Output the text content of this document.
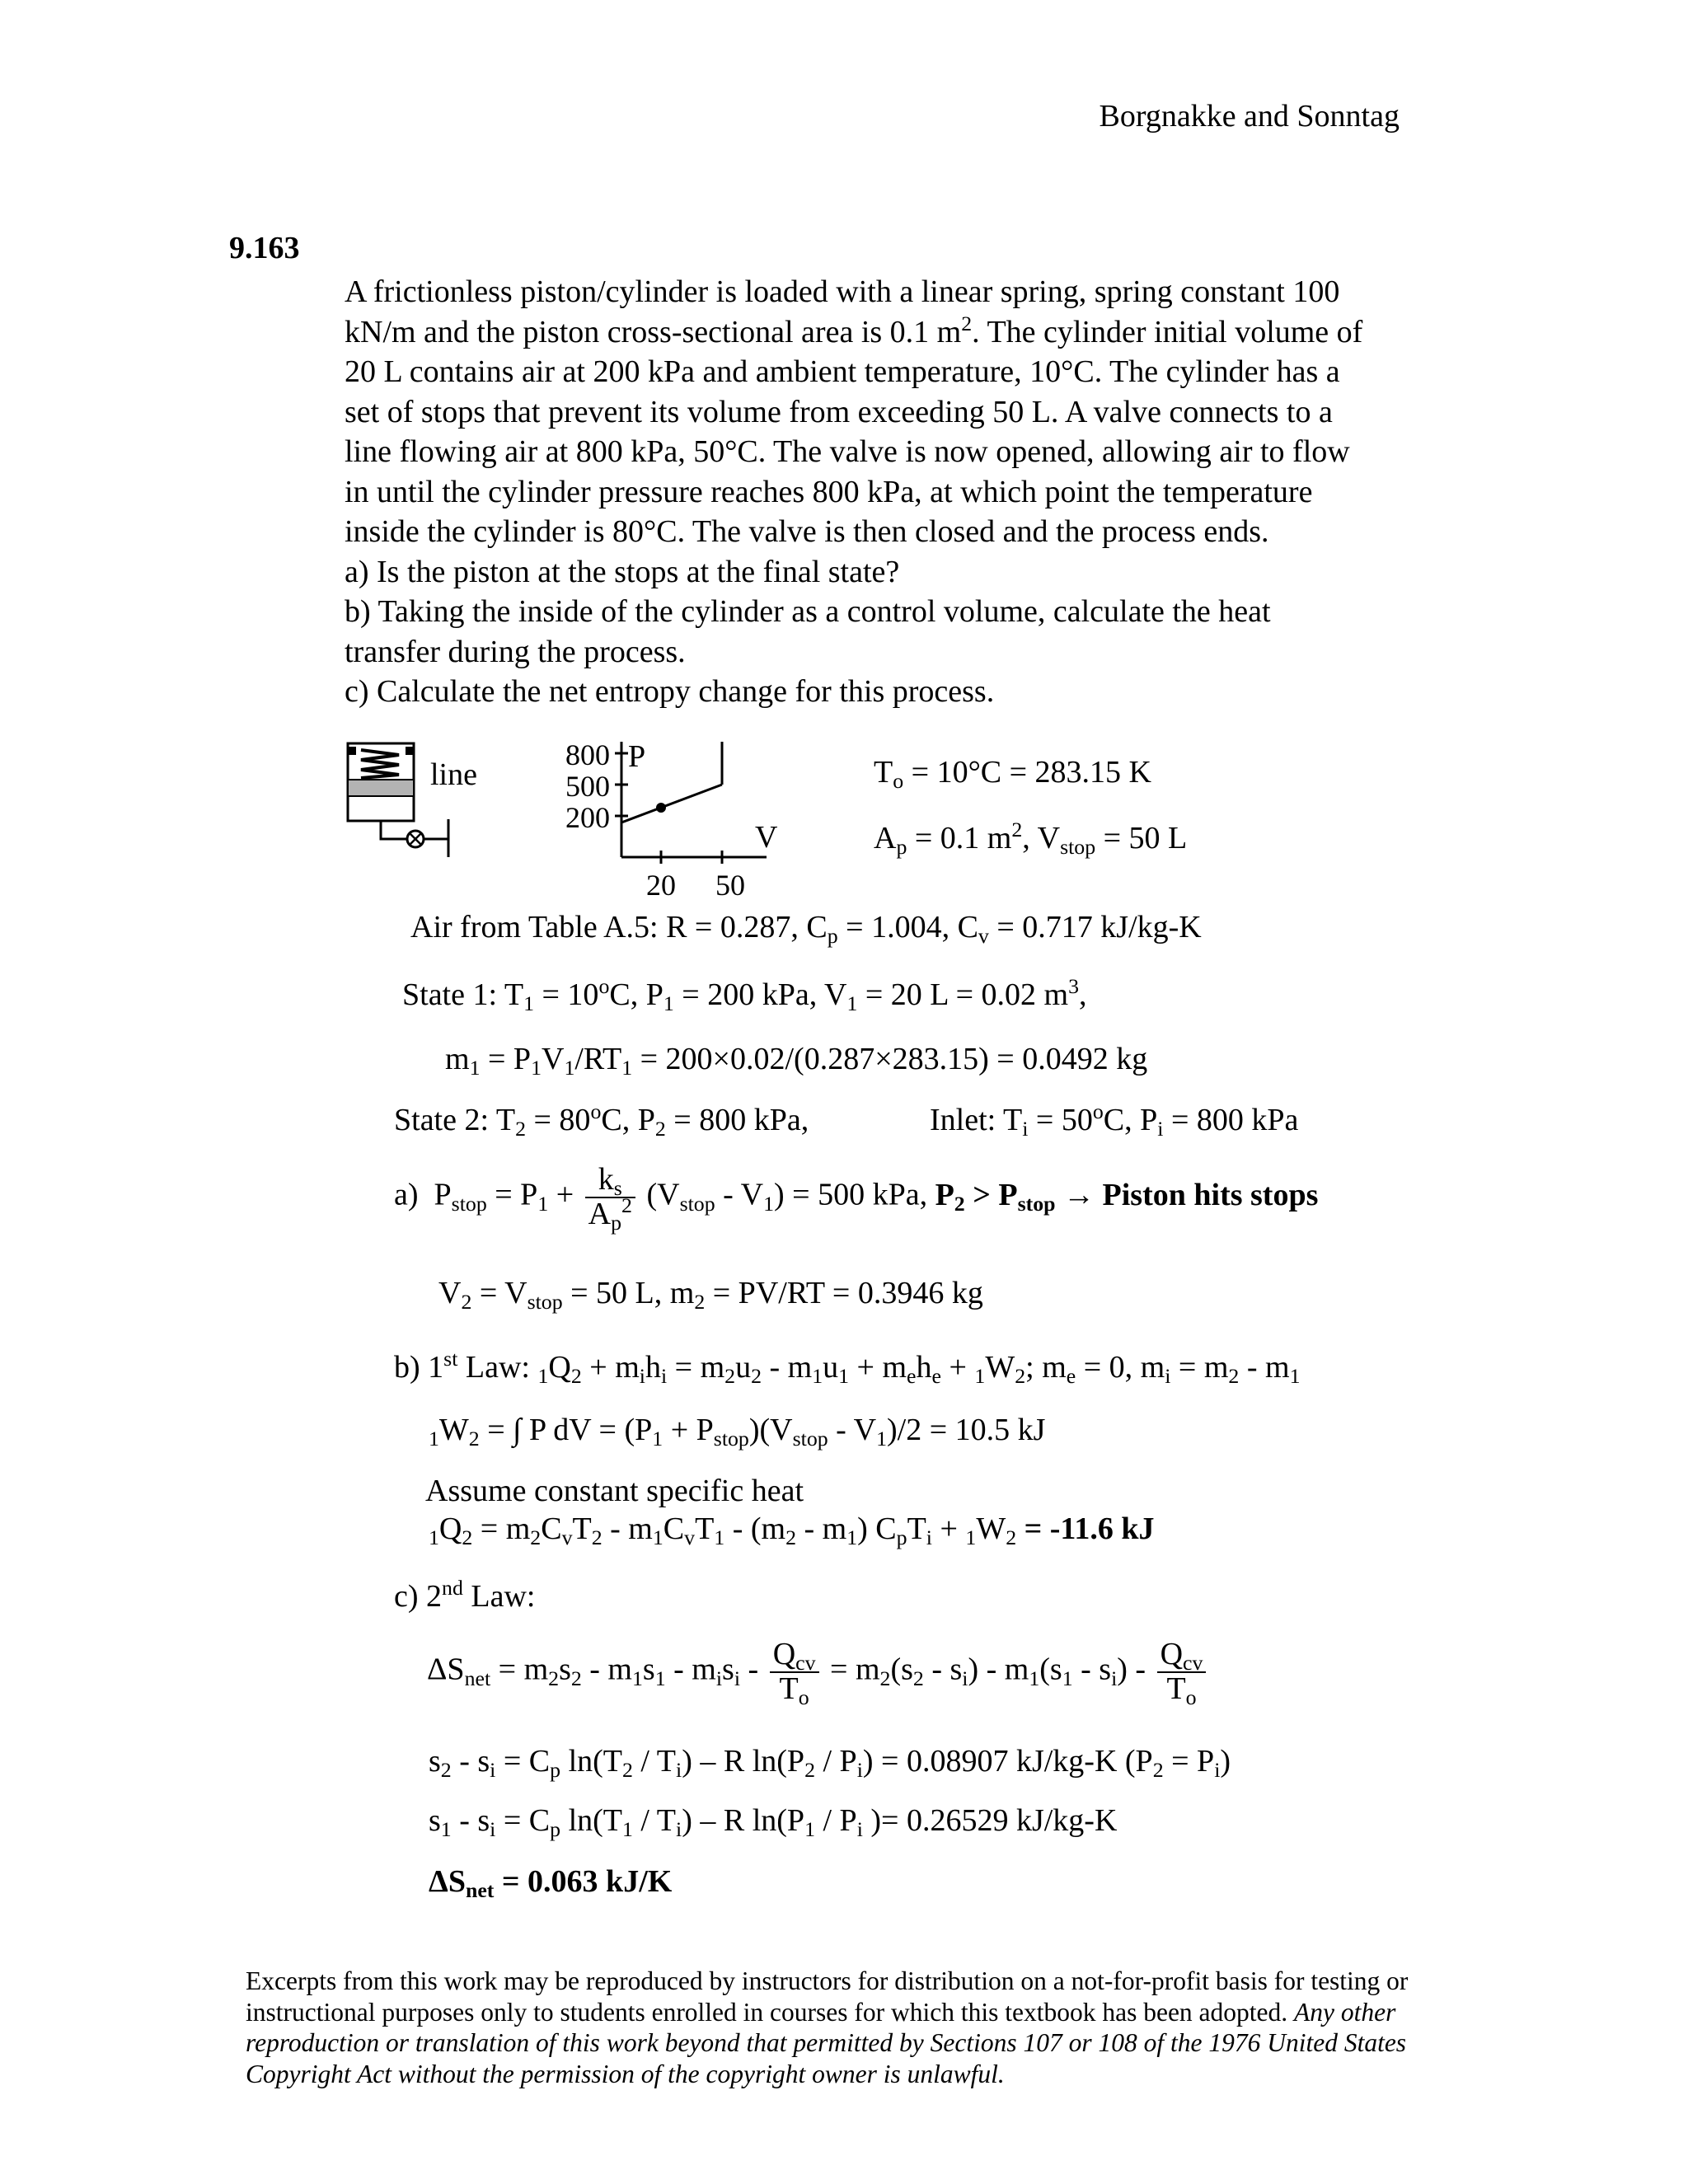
Borgnakke and Sonntag
9.163

A frictionless piston/cylinder is loaded with a linear spring, spring constant 100

kN/m and the piston cross-sectional area is 0.1 $m^2$. The cylinder initial volume of

20 L contains air at 200 kPa and ambient temperature, 10°C. The cylinder has a

set of stops that prevent its volume from exceeding 50 L. A valve connects to a

line flowing air at 800 kPa, 50°C. The valve is now opened, allowing air to flow

in until the cylinder pressure reaches 800 kPa, at which point the temperature

inside the cylinder is 80°C. The valve is then closed and the process ends.

a) Is the piston at the stops at the final state?

b) Taking the inside of the cylinder as a control volume, calculate the heat

transfer during the process.

c) Calculate the net entropy change for this process.

line
P
V
800
500
200
20 50
$T_o = 10^\circ C = 283.15$ K
$A_p = 0.1$ $m^2$, $V_{stop} = 50$ L
Air from Table A.5: R = 0.287, $C_p = 1.004$, $C_v = 0.717$ kJ/kg-K
State 1: $T_1 = 10^oC$, $P_1 = 200$ kPa, $V_1 = 20$ L = 0.02 $m^3$,
$m_1 = P_1V_1/RT_1 = 200\times 0.02/(0.287\times 283.15) = 0.0492$ kg
State 2: $T_2 = 80^oC$, $P_2 = 800$ kPa,	Inlet: $T_i = 50^oC$, $P_i = 800$ kPa
a) $P_{stop} = P_1 + \frac{k_s}{A_p^2} (V_{stop} - V_1) = 500$ kPa, $P_2 > P_{stop}$ → Piston hits stops
$V_2 = V_{stop} = 50$ L, $m_2 = PV/RT = 0.3946$ kg
b) 1st Law: $_1Q_2 + m_ih_i = m_2u_2 - m_1u_1 + m_eh_e + _1W_2$; $m_e = 0$, $m_i = m_2 - m_1$
$_1W_2$ = ∫ P dV = $(P_1 + P_{stop})(V_{stop} - V_1)/2 = 10.5$ kJ
Assume constant specific heat
$_1Q_2 = m_2C_vT_2 - m_1C_vT_1 - (m_2 - m_1) C_pT_i + _1W_2 = -11.6$ kJ
c) 2nd Law:
$\Delta S_{net} = m_2s_2 - m_1s_1 - m_is_i - \frac{Q_{cv}}{T_o} = m_2(s_2 - s_i) - m_1(s_1 - s_i) - \frac{Q_{cv}}{T_o}$
$s_2 - s_i = C_p$ $\ln(T_2 / T_i)$ – R $\ln(P_2 / P_i) = 0.08907$ kJ/kg-K $(P_2 = P_i)$
$s_1 - s_i = C_p$ $\ln(T_1 / T_i)$ – R $\ln(P_1 / P_i$ )= 0.26529 kJ/kg-K
$\Delta S_{net} = 0.063$ kJ/K

Excerpts from this work may be reproduced by instructors for distribution on a not-for-profit basis for testing or instructional purposes only to students enrolled in courses for which this textbook has been adopted. Any other reproduction or translation of this work beyond that permitted by Sections 107 or 108 of the 1976 United States Copyright Act without the permission of the copyright owner is unlawful.
